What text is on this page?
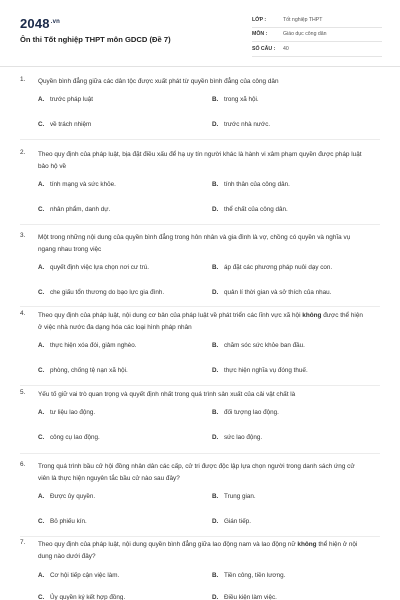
$2048^{.vn}$
Ôn thi Tốt nghiệp THPT môn GDCD (Đề 7)
LỚP :	Tốt nghiệp THPT
MÔN :	Giáo dục công dân
SỐ CÂU :	40
1. Quyền bình đẳng giữa các dân tộc được xuất phát từ quyền bình đẳng của công dân
A. trước pháp luật	B. trong xã hội.
C. về trách nhiệm	D. trước nhà nước.
2. Theo quy định của pháp luật, bịa đặt điều xấu để hạ uy tín người khác là hành vi xâm phạm quyền được pháp luật bảo hộ về
A. tính mạng và sức khỏe.	B. tính thân của công dân.
C. nhân phẩm, danh dự.	D. thể chất của công dân.
3. Một trong những nội dung của quyền bình đẳng trong hôn nhân và gia đình là vợ, chồng có quyền và nghĩa vụ ngang nhau trong việc
A. quyết định việc lựa chọn nơi cư trú.	B. áp đặt các phương pháp nuôi dạy con.
C. che giấu tổn thương do bạo lực gia đình.	D. quản lí thời gian và sở thích của nhau.
4. Theo quy định của pháp luật, nội dung cơ bản của pháp luật về phát triển các lĩnh vực xã hội không được thể hiện ở việc nhà nước đa dạng hóa các loại hình pháp nhân
A. thực hiện xóa đói, giảm nghèo.	B. chăm sóc sức khỏe ban đầu.
C. phòng, chống tệ nạn xã hội.	D. thực hiện nghĩa vụ đóng thuế.
5. Yếu tố giữ vai trò quan trọng và quyết định nhất trong quá trình sản xuất của cải vật chất là
A. tư liệu lao động.	B. đối tượng lao động.
C. công cụ lao động.	D. sức lao động.
6. Trong quá trình bầu cử hội đồng nhân dân các cấp, cử tri được độc lập lựa chọn người trong danh sách ứng cử viên là thực hiện nguyên tắc bầu cử nào sau đây?
A. Được ủy quyền.	B. Trung gian.
C. Bỏ phiếu kín.	D. Gián tiếp.
7. Theo quy định của pháp luật, nội dung quyền bình đẳng giữa lao động nam và lao động nữ không thể hiện ở nội dung nào dưới đây?
A. Cơ hội tiếp cận việc làm.	B. Tiền công, tiền lương.
C. Ủy quyền ký kết hợp đồng.	D. Điều kiện làm việc.
